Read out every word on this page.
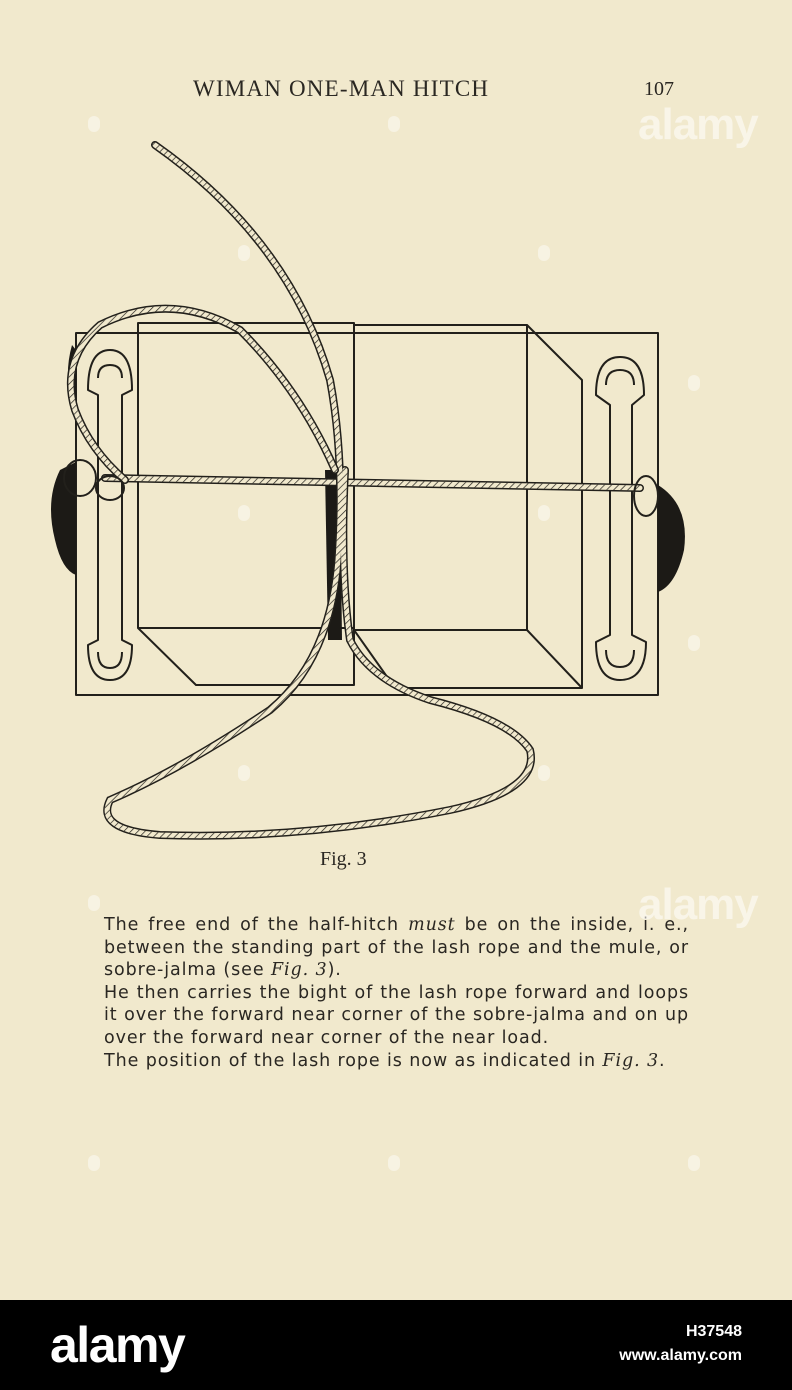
WIMAN ONE-MAN HITCH	107
Fig. 3

The free end of the half-hitch must be on the inside, i. e., between the standing part of the lash rope and the mule, or sobre-jalma (see Fig. 3).

He then carries the bight of the lash rope forward and loops it over the forward near corner of the sobre-jalma and on up over the forward near corner of the near load.

The position of the lash rope is now as indicated in Fig. 3.

alamy
alamy
alamy	H37548
www.alamy.com
